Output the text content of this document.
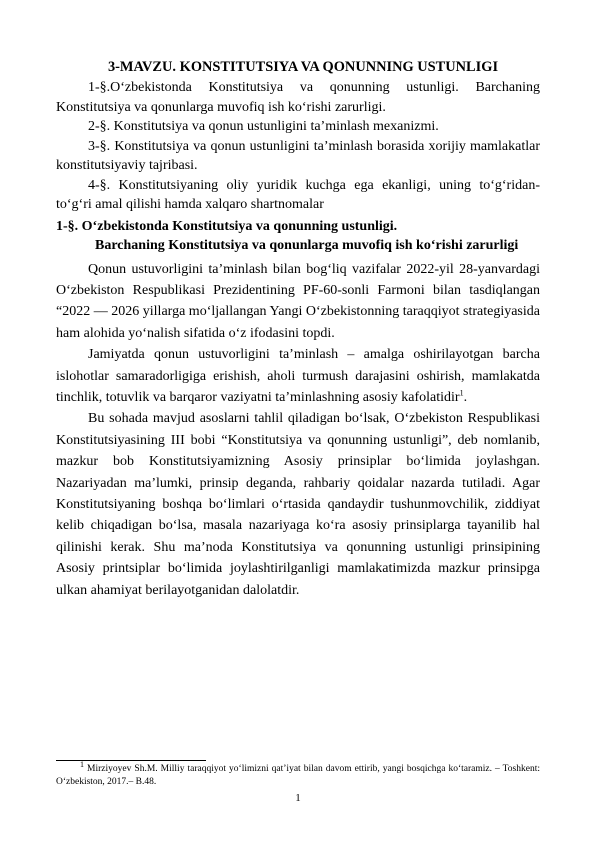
3-MAVZU. KONSTITUTSIYA VA QONUNNING USTUNLIGI

1-§.O‘zbekistonda Konstitutsiya va qonunning ustunligi. Barchaning Konstitutsiya va qonunlarga muvofiq ish ko‘rishi zarurligi.

2-§. Konstitutsiya va qonun ustunligini ta’minlash mexanizmi.

3-§. Konstitutsiya va qonun ustunligini ta’minlash borasida xorijiy mamlakatlar konstitutsiyaviy tajribasi.

4-§. Konstitutsiyaning oliy yuridik kuchga ega ekanligi, uning to‘g‘ridan- to‘g‘ri amal qilishi hamda xalqaro shartnomalar

1-§. O‘zbekistonda Konstitutsiya va qonunning ustunligi.
Barchaning Konstitutsiya va qonunlarga muvofiq ish ko‘rishi zarurligi

Qonun ustuvorligini ta’minlash bilan bog‘liq vazifalar 2022-yil 28-yanvardagi O‘zbekiston Respublikasi Prezidentining PF-60-sonli Farmoni bilan tasdiqlangan “2022 — 2026 yillarga mo‘ljallangan Yangi O‘zbekistonning taraqqiyot strategiyasida ham alohida yo‘nalish sifatida o‘z ifodasini topdi.

Jamiyatda qonun ustuvorligini ta’minlash – amalga oshirilayotgan barcha islohotlar samaradorligiga erishish, aholi turmush darajasini oshirish, mamlakatda tinchlik, totuvlik va barqaror vaziyatni ta’minlashning asosiy kafolatidir$^1$.

Bu sohada mavjud asoslarni tahlil qiladigan bo‘lsak, O‘zbekiston Respublikasi Konstitutsiyasining III bobi “Konstitutsiya va qonunning ustunligi”, deb nomlanib, mazkur bob Konstitutsiyamizning Asosiy prinsiplar bo‘limida joylashgan. Nazariyadan ma’lumki, prinsip deganda, rahbariy qoidalar nazarda tutiladi. Agar Konstitutsiyaning boshqa bo‘limlari o‘rtasida qandaydir tushunmovchilik, ziddiyat kelib chiqadigan bo‘lsa, masala nazariyaga ko‘ra asosiy prinsiplarga tayanilib hal qilinishi kerak. Shu ma’noda Konstitutsiya va qonunning ustunligi prinsipining Asosiy printsiplar bo‘limida joylashtirilganligi mamlakatimizda mazkur prinsipga ulkan ahamiyat berilayotganidan dalolatdir.

$^1$ Mirziyoyev Sh.M. Milliy taraqqiyot yo‘limizni qat’iyat bilan davom ettirib, yangi bosqichga ko‘taramiz. – Toshkent: O‘zbekiston, 2017.– B.48.
1
